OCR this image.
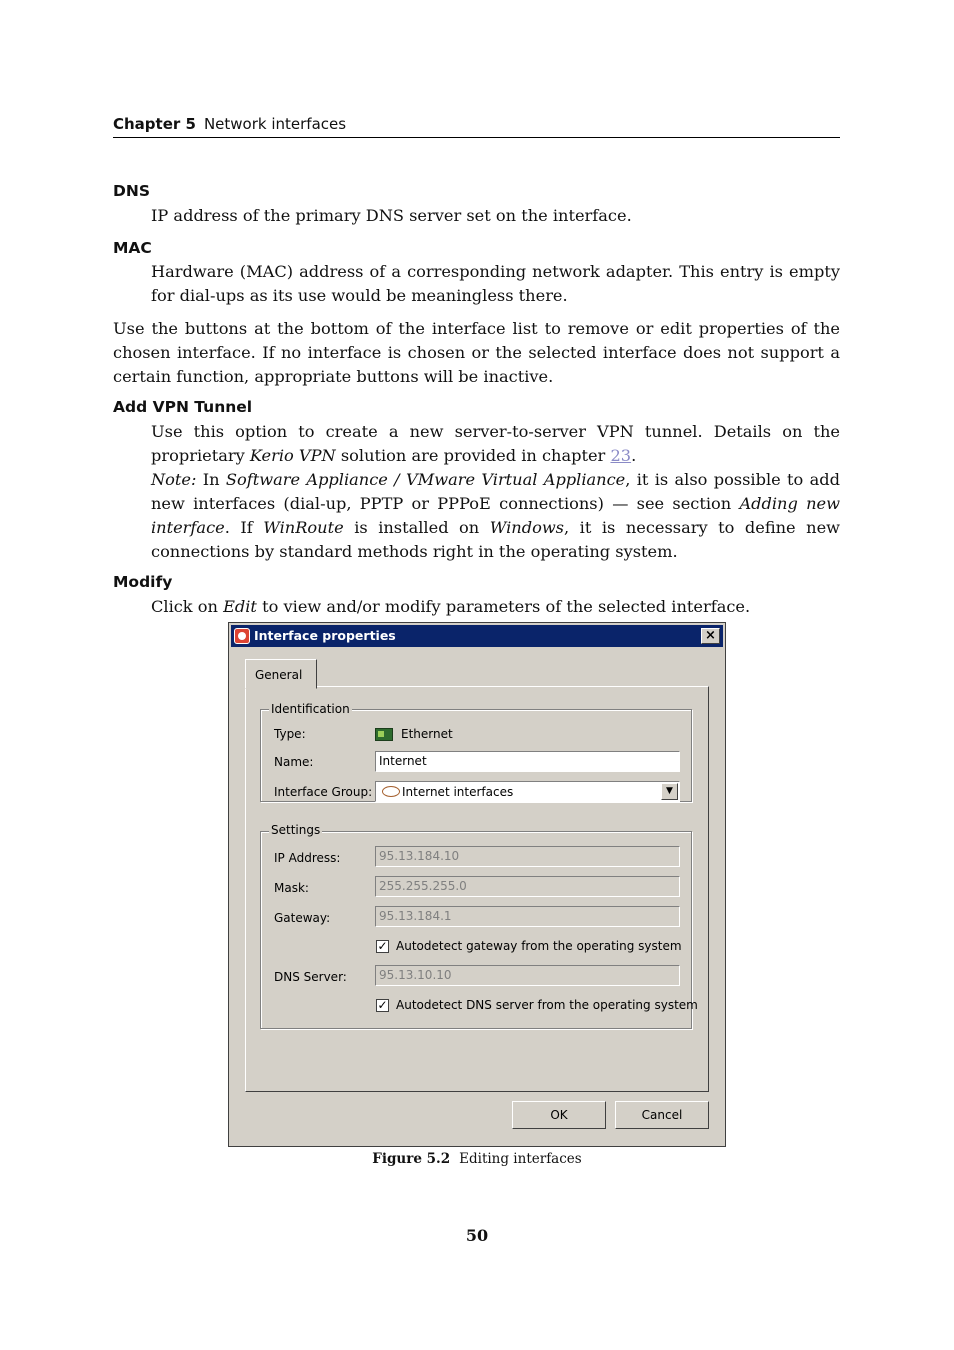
Chapter 5 Network interfaces
DNS
IP address of the primary DNS server set on the interface.
MAC
Hardware (MAC) address of a corresponding network adapter. This entry is empty for dial-ups as its use would be meaningless there.
Use the buttons at the bottom of the interface list to remove or edit properties of the chosen interface. If no interface is chosen or the selected interface does not support a certain function, appropriate buttons will be inactive.
Add VPN Tunnel
Use this option to create a new server-to-server VPN tunnel. Details on the proprietary Kerio VPN solution are provided in chapter 23.
Note: In Software Appliance / VMware Virtual Appliance, it is also possible to add new interfaces (dial-up, PPTP or PPPoE connections) — see section Adding new interface. If WinRoute is installed on Windows, it is necessary to define new connections by standard methods right in the operating system.
Modify
Click on Edit to view and/or modify parameters of the selected interface.
Interface properties	×
General
Identification
Type:	Ethernet
Name:	Internet
Interface Group: Internet interfaces	▼
Settings
IP Address:	95.13.184.10
Mask:	255.255.255.0
Gateway:	95.13.184.1
✓ Autodetect gateway from the operating system
DNS Server:	95.13.10.10
✓ Autodetect DNS server from the operating system
OK	Cancel
Figure 5.2 Editing interfaces
50
